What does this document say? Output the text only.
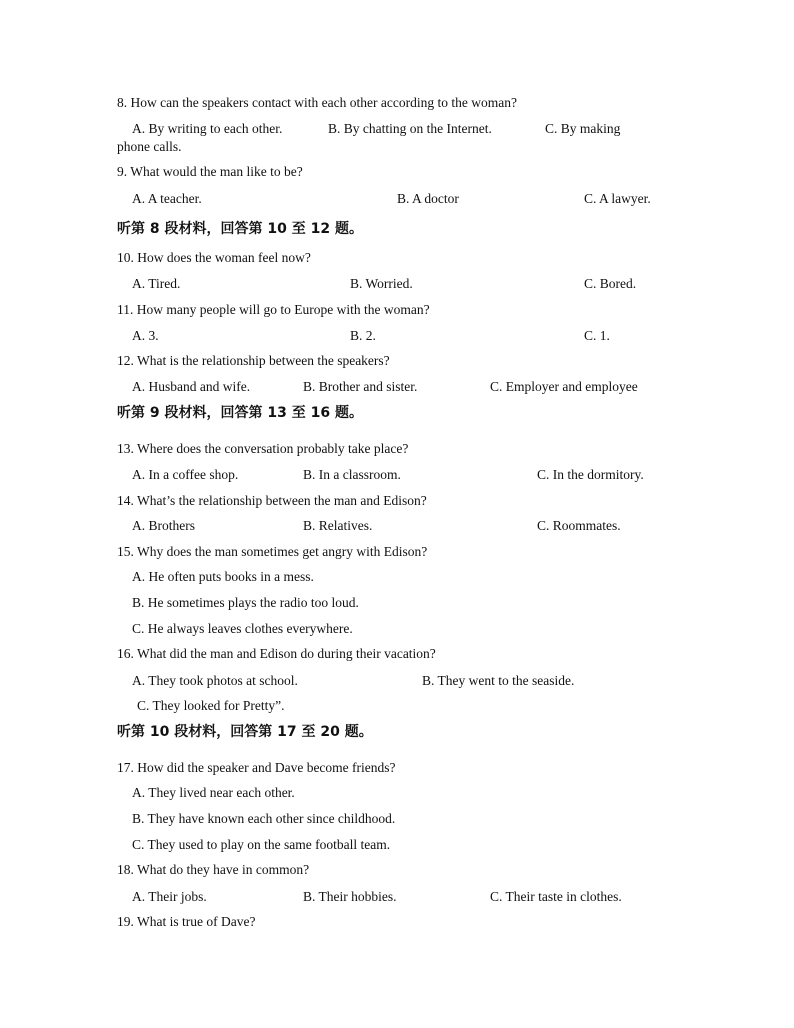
8. How can the speakers contact with each other according to the woman?
A. By writing to each other.	B. By chatting on the Internet.	C. By making
phone calls.
9. What would the man like to be?
A. A teacher.	B. A doctor	C. A lawyer.
听第 8 段材料，回答第 10 至 12 题。
10. How does the woman feel now?
A. Tired.	B. Worried.	C. Bored.
11. How many people will go to Europe with the woman?
A. 3.	B. 2.	C. 1.
12. What is the relationship between the speakers?
A. Husband and wife.	B. Brother and sister.	C. Employer and employee
听第 9 段材料，回答第 13 至 16 题。
13. Where does the conversation probably take place?
A. In a coffee shop.	B. In a classroom.	C. In the dormitory.
14. What’s the relationship between the man and Edison?
A. Brothers	B. Relatives.	C. Roommates.
15. Why does the man sometimes get angry with Edison?
A. He often puts books in a mess.
B. He sometimes plays the radio too loud.
C. He always leaves clothes everywhere.
16. What did the man and Edison do during their vacation?
A. They took photos at school.	B. They went to the seaside.
C. They looked for Pretty”.
听第 10 段材料，回答第 17 至 20 题。
17. How did the speaker and Dave become friends?
A. They lived near each other.
B. They have known each other since childhood.
C. They used to play on the same football team.
18. What do they have in common?
A. Their jobs.	B. Their hobbies.	C. Their taste in clothes.
19. What is true of Dave?
